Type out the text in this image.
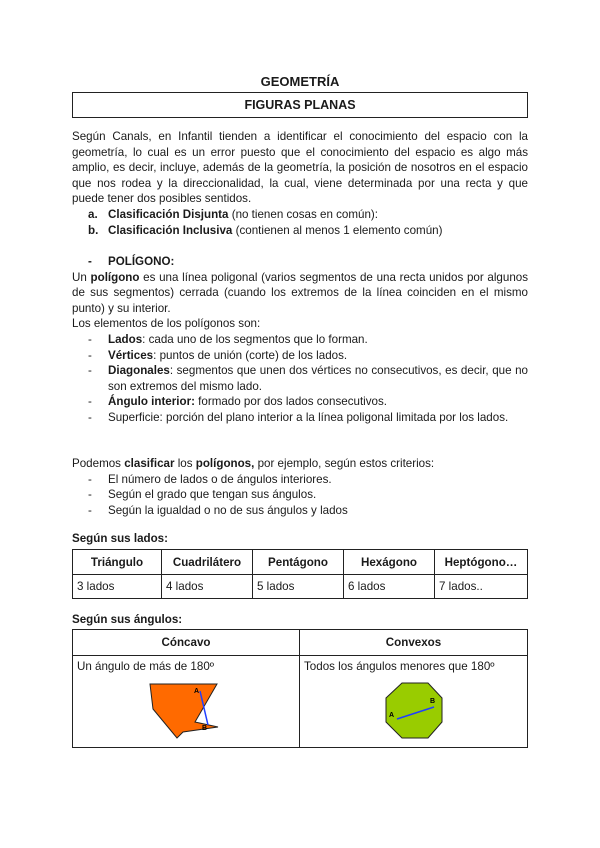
GEOMETRÍA
FIGURAS PLANAS

Según Canals, en Infantil tienden a identificar el conocimiento del espacio con la geometría, lo cual es un error puesto que el conocimiento del espacio es algo más amplio, es decir, incluye, además de la geometría, la posición de nosotros en el espacio que nos rodea y la direccionalidad, la cual, viene determinada por una recta y que puede tener dos posibles sentidos.

a. Clasificación Disjunta (no tienen cosas en común):
b. Clasificación Inclusiva (contienen al menos 1 elemento común)
- POLÍGONO:

Un polígono es una línea poligonal (varios segmentos de una recta unidos por algunos de sus segmentos) cerrada (cuando los extremos de la línea coinciden en el mismo punto) y su interior.

Los elementos de los polígonos son:

- Lados: cada uno de los segmentos que lo forman.
- Vértices: puntos de unión (corte) de los lados.
- Diagonales: segmentos que unen dos vértices no consecutivos, es decir, que no son extremos del mismo lado.
- Ángulo interior: formado por dos lados consecutivos.
- Superficie: porción del plano interior a la línea poligonal limitada por los lados.

Podemos clasificar los polígonos, por ejemplo, según estos criterios:

- El número de lados o de ángulos interiores.
- Según el grado que tengan sus ángulos.
- Según la igualdad o no de sus ángulos y lados
Según sus lados:
Triángulo	Cuadrilátero	Pentágono	Hexágono	Heptógono…
3 lados	4 lados	5 lados	6 lados	7 lados..
Según sus ángulos:
Cóncavo	Convexos

Un ángulo de más de 180º
A
B	Todos los ángulos menores que 180º
A
B
